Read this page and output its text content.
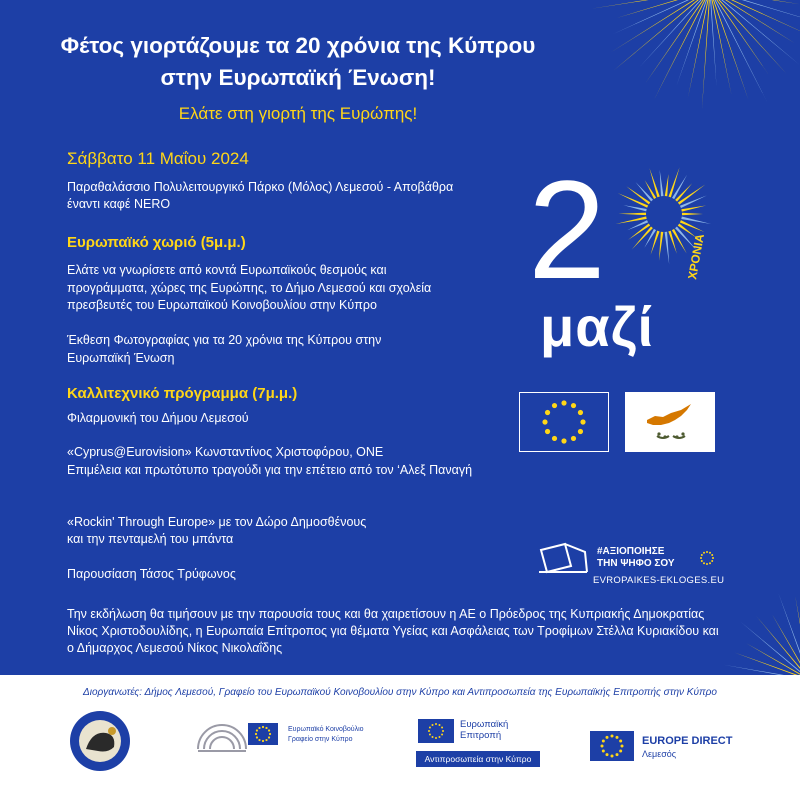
Φέτος γιορτάζουμε τα 20 χρόνια της Κύπρου στην Ευρωπαϊκή Ένωση!
Ελάτε στη γιορτή της Ευρώπης!
Σάββατο 11 Μαΐου 2024
Παραθαλάσσιο Πολυλειτουργικό Πάρκο (Μόλος) Λεμεσού - Αποβάθρα έναντι καφέ NERO
Ευρωπαϊκό χωριό (5μ.μ.)
Ελάτε να γνωρίσετε από κοντά Ευρωπαϊκούς θεσμούς και προγράμματα, χώρες της Ευρώπης, το Δήμο Λεμεσού και σχολεία πρεσβευτές του Ευρωπαϊκού Κοινοβουλίου στην Κύπρο
Έκθεση Φωτογραφίας για τα 20 χρόνια της Κύπρου στην Ευρωπαϊκή Ένωση
Καλλιτεχνικό πρόγραμμα (7μ.μ.)
Φιλαρμονική του Δήμου Λεμεσού
«Cyprus@Eurovision» Κωνσταντίνος Χριστοφόρου, ONE
Επιμέλεια και πρωτότυπο τραγούδι για την επέτειο από τον ‘Αλεξ Παναγή
«Rockin' Through Europe» με τον Δώρο Δημοσθένους
και την πενταμελή του μπάντα
Παρουσίαση Τάσος Τρύφωνος
Την εκδήλωση θα τιμήσουν με την παρουσία τους και θα χαιρετίσουν η ΑΕ ο Πρόεδρος της Κυπριακής Δημοκρατίας Νίκος Χριστοδουλίδης, η Ευρωπαία Επίτροπος για θέματα Υγείας και Ασφάλειας των Τροφίμων Στέλλα Κυριακίδου και ο Δήμαρχος Λεμεσού Νίκος Νικολαΐδης
2	ΧΡΟΝΙΑ
μαζί
#ΑΞΙΟΠΟΙΗΣΕ
ΤΗΝ ΨΗΦΟ ΣΟΥ
EVROPAIKES-EKLOGES.EU
Διοργανωτές: Δήμος Λεμεσού, Γραφείο του Ευρωπαϊκού Κοινοβουλίου στην Κύπρο και Αντιπροσωπεία της Ευρωπαϊκής Επιτροπής στην Κύπρο
Ευρωπαϊκό Κοινοβούλιο
Γραφείο στην Κύπρο
Ευρωπαϊκή
Επιτροπή
Αντιπροσωπεία στην Κύπρο
EUROPE DIRECT
Λεμεσός
